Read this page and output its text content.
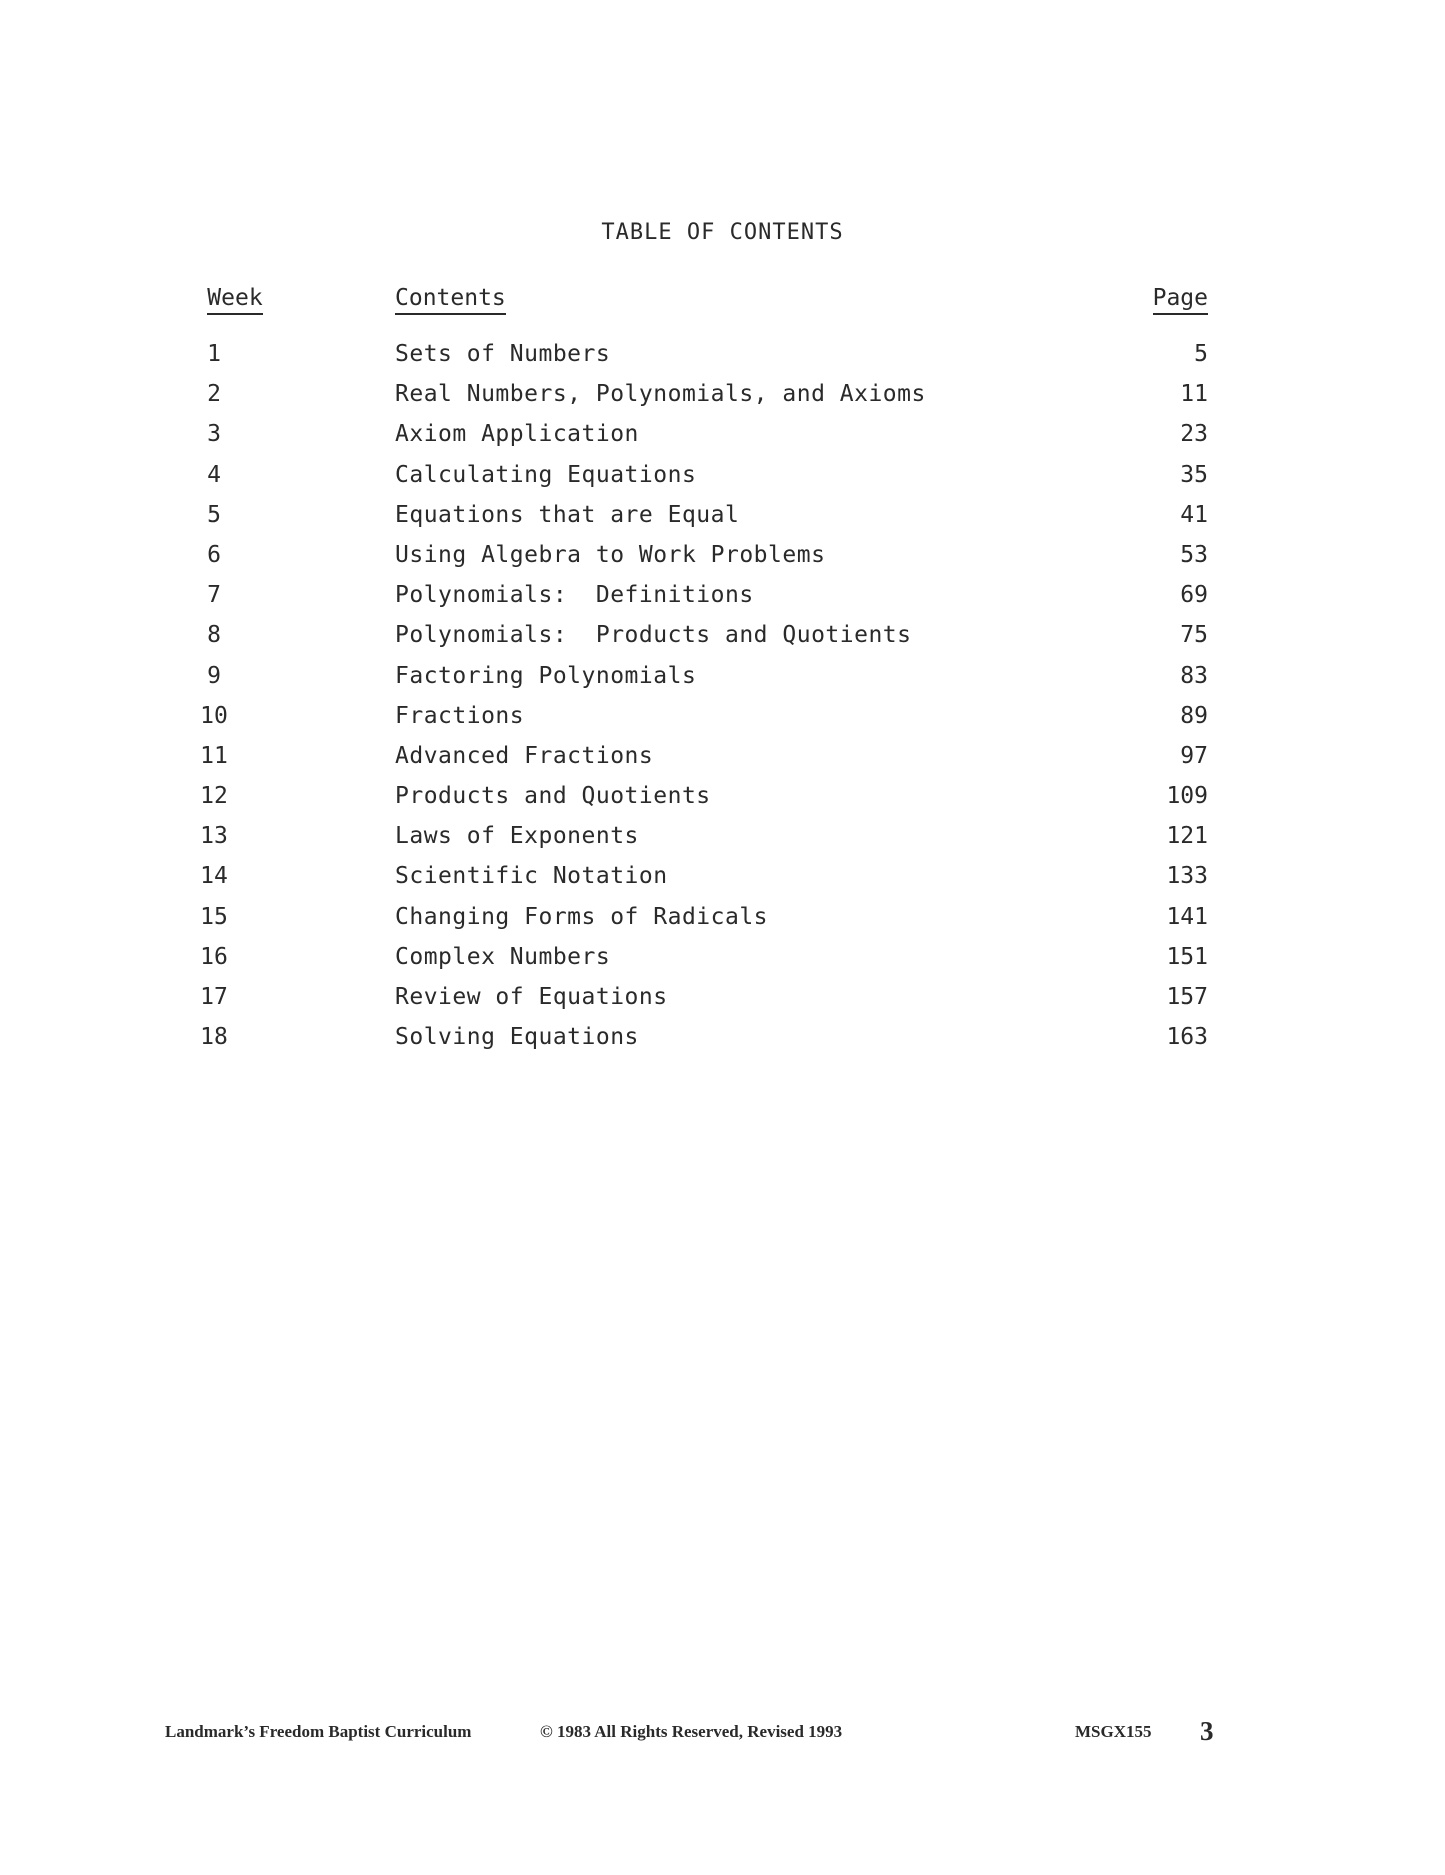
TABLE OF CONTENTS
Week	Contents	Page
1	Sets of Numbers	5
2	Real Numbers, Polynomials, and Axioms	11
3	Axiom Application	23
4	Calculating Equations	35
5	Equations that are Equal	41
6	Using Algebra to Work Problems	53
7	Polynomials:  Definitions	69
8	Polynomials:  Products and Quotients	75
9	Factoring Polynomials	83
10	Fractions	89
11	Advanced Fractions	97
12	Products and Quotients	109
13	Laws of Exponents	121
14	Scientific Notation	133
15	Changing Forms of Radicals	141
16	Complex Numbers	151
17	Review of Equations	157
18	Solving Equations	163
Landmark’s Freedom Baptist Curriculum	© 1983 All Rights Reserved, Revised 1993	MSGX155 3
